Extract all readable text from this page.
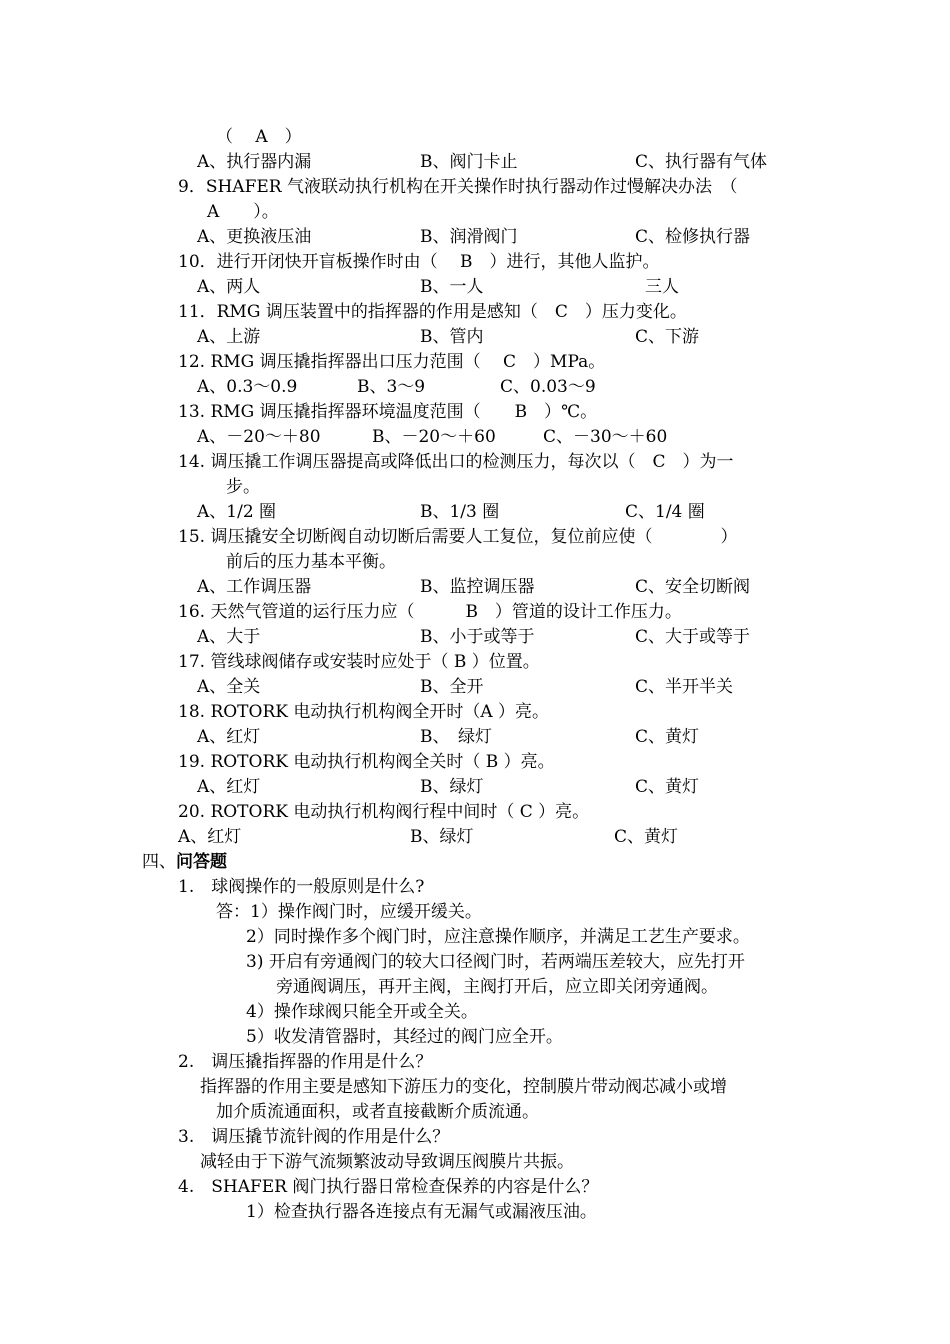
（　 A　）
A、执行器内漏	B、阀门卡止	C、执行器有气体
9．SHAFER 气液联动执行机构在开关操作时执行器动作过慢解决办法　（
A　　）。
A、更换液压油	B、润滑阀门	C、检修执行器
10．进行开闭快开盲板操作时由（　 B　）进行，其他人监护。
A、两人	B、一人	三人
11．RMG 调压装置中的指挥器的作用是感知（　C　）压力变化。
A、上游	B、管内	C、下游
12. RMG 调压撬指挥器出口压力范围（　 C　）MPa。
A、0.3～0.9	B、3～9	C、0.03～9
13. RMG 调压撬指挥器环境温度范围（　　B　）℃。
A、－20～＋80	B、－20～＋60	C、－30～＋60
14. 调压撬工作调压器提高或降低出口的检测压力，每次以（　C　）为一
步。
A、1/2 圈	B、1/3 圈	C、1/4 圈
15. 调压撬安全切断阀自动切断后需要人工复位，复位前应使（　　　　）
前后的压力基本平衡。
A、工作调压器	B、监控调压器	C、安全切断阀
16. 天然气管道的运行压力应（　　　B　）管道的设计工作压力。
A、大于	B、小于或等于	C、大于或等于
17. 管线球阀储存或安装时应处于（ B ）位置。
A、全关	B、全开	C、半开半关
18. ROTORK 电动执行机构阀全开时（A ）亮。
A、红灯	B、　绿灯	C、黄灯
19. ROTORK 电动执行机构阀全关时（ B ）亮。
A、红灯	B、绿灯	C、黄灯
20. ROTORK 电动执行机构阀行程中间时（ C ）亮。
A、红灯	B、绿灯	C、黄灯
四、问答题
1.　球阀操作的一般原则是什么?
答：1）操作阀门时，应缓开缓关。
2）同时操作多个阀门时，应注意操作顺序，并满足工艺生产要求。
3) 开启有旁通阀门的较大口径阀门时，若两端压差较大，应先打开
旁通阀调压，再开主阀，主阀打开后，应立即关闭旁通阀。
4）操作球阀只能全开或全关。
5）收发清管器时，其经过的阀门应全开。
2.　调压撬指挥器的作用是什么？
指挥器的作用主要是感知下游压力的变化，控制膜片带动阀芯减小或增
加介质流通面积，或者直接截断介质流通。
3.　调压撬节流针阀的作用是什么？
减轻由于下游气流频繁波动导致调压阀膜片共振。
4.　SHAFER 阀门执行器日常检查保养的内容是什么？
1）检查执行器各连接点有无漏气或漏液压油。
